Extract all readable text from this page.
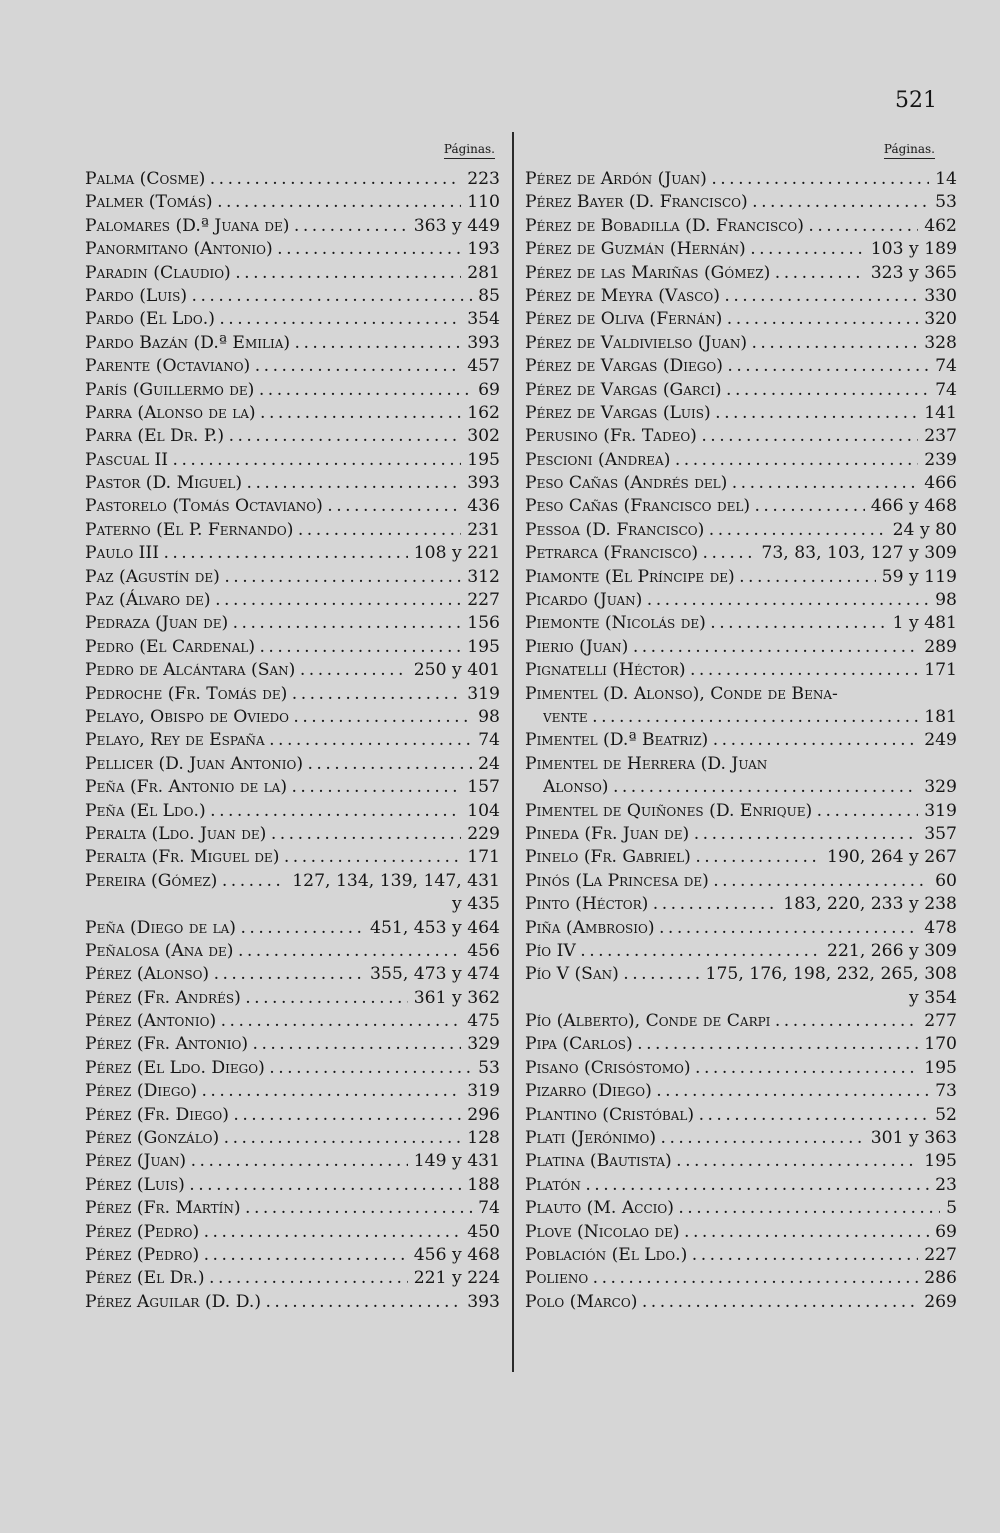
521
Páginas.
Palma (Cosme) . . .	223
Palmer (Tomás) . . .	110
Palomares (D.ª Juana de) . . .	363 y 449
Panormitano (Antonio) . . .	193
Paradin (Claudio) . . .	281
Pardo (Luis) . . .	85
Pardo (El Ldo.) . . .	354
Pardo Bazán (D.ª Emilia) . . .	393
Parente (Octaviano) . . .	457
París (Guillermo de) . . .	69
Parra (Alonso de la) . . .	162
Parra (El Dr. P.) . . .	302
Pascual II . . .	195
Pastor (D. Miguel) . . .	393
Pastorelo (Tomás Octaviano) . . .	436
Paterno (El P. Fernando) . . .	231
Paulo III . . .	108 y 221
Paz (Agustín de) . . .	312
Paz (Álvaro de) . . .	227
Pedraza (Juan de) . . .	156
Pedro (El Cardenal) . . .	195
Pedro de Alcántara (San) . . .	250 y 401
Pedroche (Fr. Tomás de) . . .	319
Pelayo, Obispo de Oviedo . . .	98
Pelayo, Rey de España . . .	74
Pellicer (D. Juan Antonio) . . .	24
Peña (Fr. Antonio de la) . . .	157
Peña (El Ldo.) . . .	104
Peralta (Ldo. Juan de) . . .	229
Peralta (Fr. Miguel de) . . .	171
Pereira (Gómez) . . .	127, 134, 139, 147, 431
y 435
Peña (Diego de la) . . .	451, 453 y 464
Peñalosa (Ana de) . . .	456
Pérez (Alonso) . . .	355, 473 y 474
Pérez (Fr. Andrés) . . .	361 y 362
Pérez (Antonio) . . .	475
Pérez (Fr. Antonio) . . .	329
Pérez (El Ldo. Diego) . . .	53
Pérez (Diego) . . .	319
Pérez (Fr. Diego) . . .	296
Pérez (Gonzálo) . . .	128
Pérez (Juan) . . .	149 y 431
Pérez (Luis) . . .	188
Pérez (Fr. Martín) . . .	74
Pérez (Pedro) . . .	450
Pérez (Pedro) . . .	456 y 468
Pérez (El Dr.) . . .	221 y 224
Pérez Aguilar (D. D.) . . .	393
Páginas.
Pérez de Ardón (Juan) . . .	14
Pérez Bayer (D. Francisco) . . .	53
Pérez de Bobadilla (D. Francisco) . . .	462
Pérez de Guzmán (Hernán) . . .	103 y 189
Pérez de las Mariñas (Gómez) . . .	323 y 365
Pérez de Meyra (Vasco) . . .	330
Pérez de Oliva (Fernán) . . .	320
Pérez de Valdivielso (Juan) . . .	328
Pérez de Vargas (Diego) . . .	74
Pérez de Vargas (Garci) . . .	74
Pérez de Vargas (Luis) . . .	141
Perusino (Fr. Tadeo) . . .	237
Pescioni (Andrea) . . .	239
Peso Cañas (Andrés del) . . .	466
Peso Cañas (Francisco del) . . .	466 y 468
Pessoa (D. Francisco) . . .	24 y 80
Petrarca (Francisco) . . .	73, 83, 103, 127 y 309
Piamonte (El Príncipe de) . . .	59 y 119
Picardo (Juan) . . .	98
Piemonte (Nicolás de) . . .	1 y 481
Pierio (Juan) . . .	289
Pignatelli (Héctor) . . .	171
Pimentel (D. Alonso), Conde de Bena-
vente . . .	181
Pimentel (D.ª Beatriz) . . .	249
Pimentel de Herrera (D. Juan
Alonso) . . .	329
Pimentel de Quiñones (D. Enrique) . . .	319
Pineda (Fr. Juan de) . . .	357
Pinelo (Fr. Gabriel) . . .	190, 264 y 267
Pinós (La Princesa de) . . .	60
Pinto (Héctor) . . .	183, 220, 233 y 238
Piña (Ambrosio) . . .	478
Pío IV . . .	221, 266 y 309
Pío V (San) . . .	175, 176, 198, 232, 265, 308
y 354
Pío (Alberto), Conde de Carpi . . .	277
Pipa (Carlos) . . .	170
Pisano (Crisóstomo) . . .	195
Pizarro (Diego) . . .	73
Plantino (Cristóbal) . . .	52
Plati (Jerónimo) . . .	301 y 363
Platina (Bautista) . . .	195
Platón . . .	23
Plauto (M. Accio) . . .	5
Plove (Nicolao de) . . .	69
Población (El Ldo.) . . .	227
Polieno . . .	286
Polo (Marco) . . .	269
